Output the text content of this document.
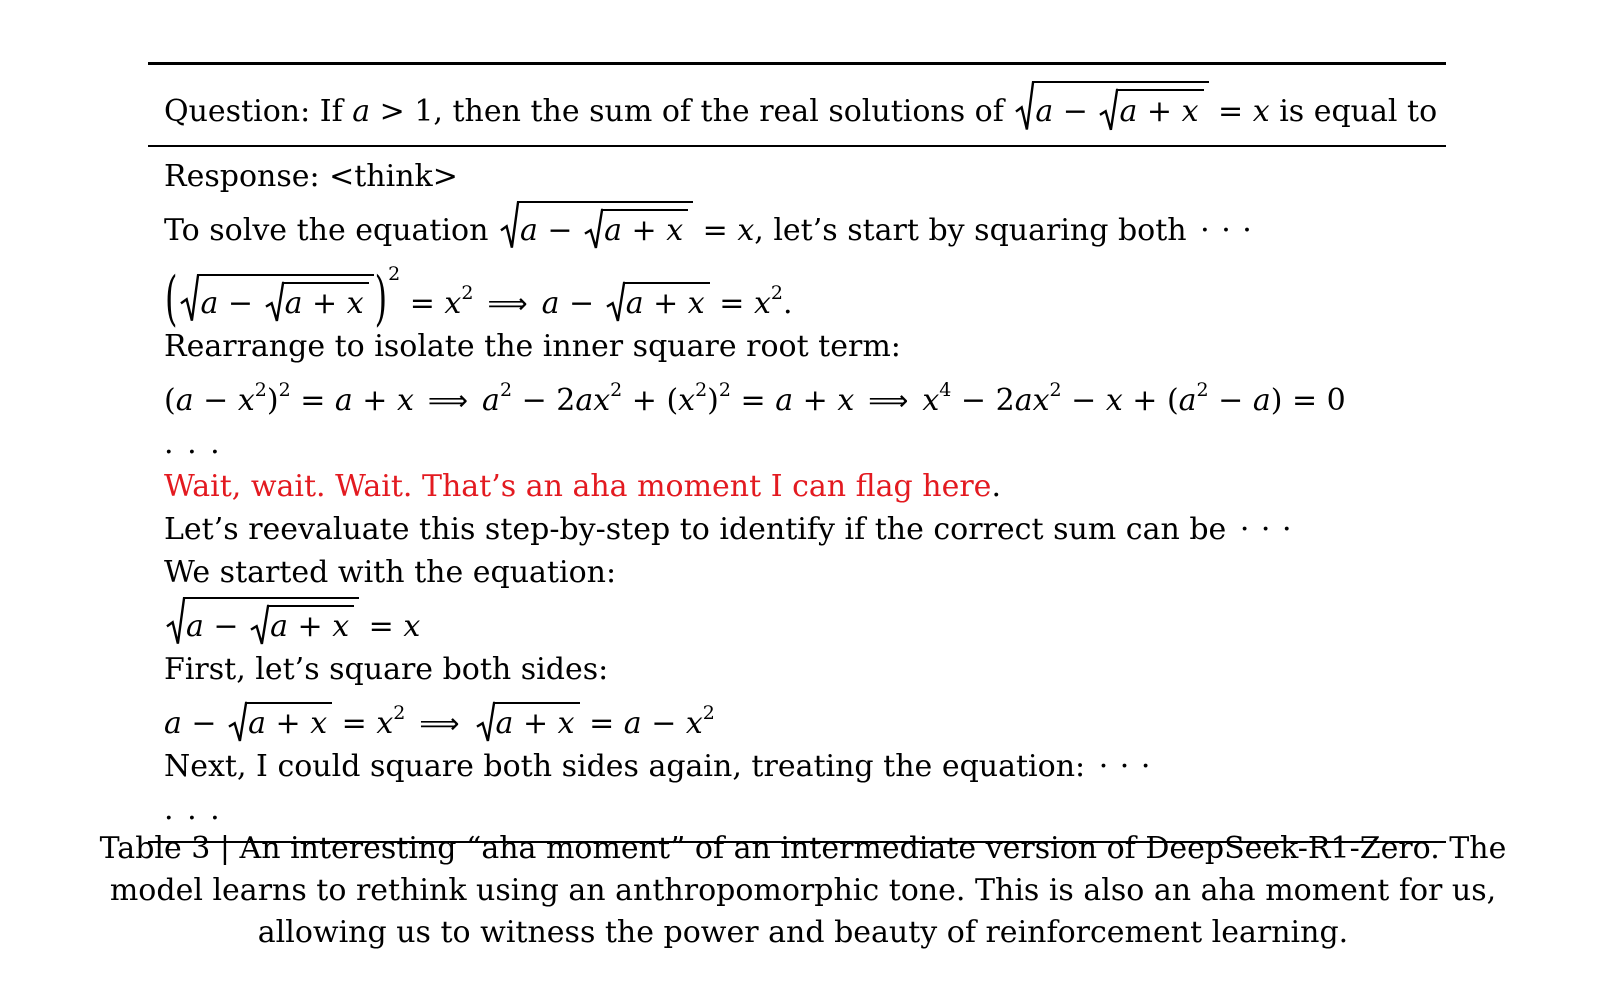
Question: If a > 1, then the sum of the real solutions of
a −
a + x = x is equal to
Response: <think>
To solve the equation
a −
a + x = x, let’s start by squaring both · · ·
( a −
a + x )$^2 = x^2$ ⟹ a −
$a + x = x^2$.
Rearrange to isolate the inner square root term:
$(a - x^2)^2 = a + x$ ⟹ $a^2 - 2ax^2 + (x^2)^2 = a + x$ ⟹ $x^4 - 2ax^2 - x + (a^2 - a) = 0$
. . .
Wait, wait. Wait. That’s an aha moment I can flag here.
Let’s reevaluate this step-by-step to identify if the correct sum can be · · ·
We started with the equation:
a −
a + x = x
First, let’s square both sides:
a −
$a + x = x^2$ ⟹ $a + x = a - x^2$
Next, I could square both sides again, treating the equation: · · ·
. . .
Table 3 | An interesting “aha moment” of an intermediate version of DeepSeek-R1-Zero. The model learns to rethink using an anthropomorphic tone. This is also an aha moment for us, allowing us to witness the power and beauty of reinforcement learning.
